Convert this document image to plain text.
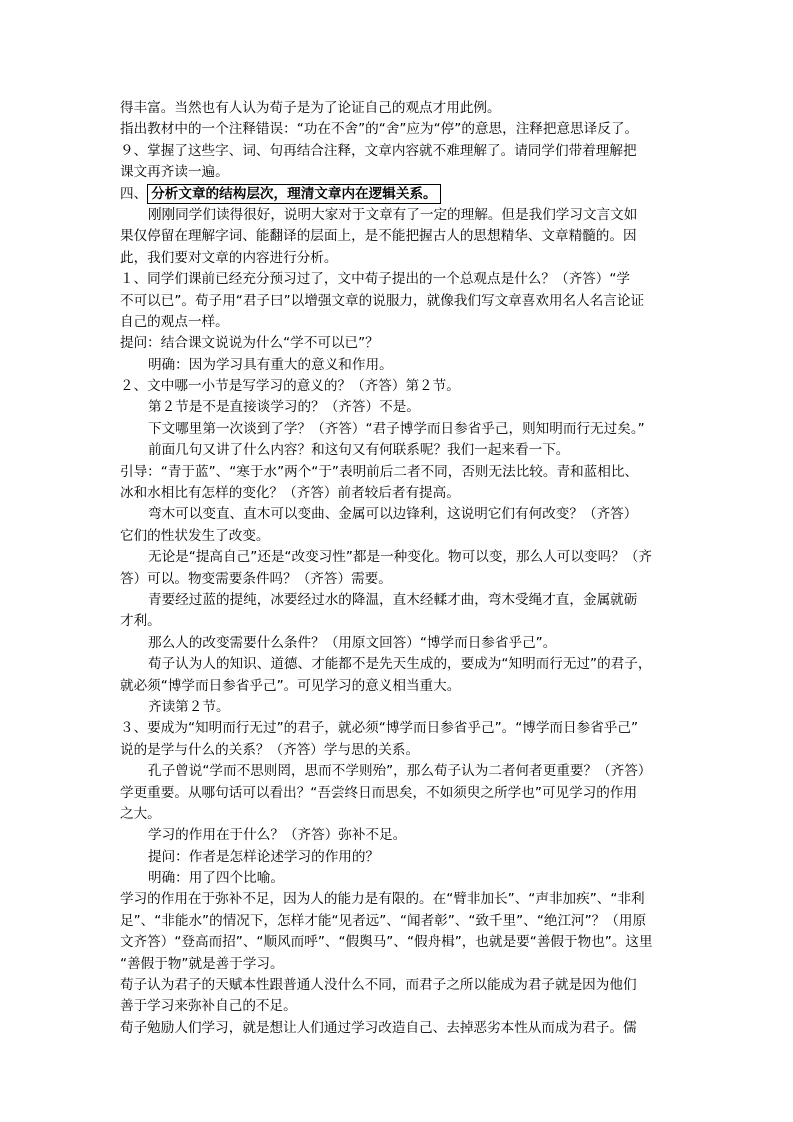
得丰富。当然也有人认为荀子是为了论证自己的观点才用此例。
指出教材中的一个注释错误：“功在不舍”的“舍”应为“停”的意思，注释把意思译反了。
９、掌握了这些字、词、句再结合注释，文章内容就不难理解了。请同学们带着理解把
课文再齐读一遍。
四、 分析文章的结构层次，理清文章内在逻辑关系。
刚刚同学们读得很好，说明大家对于文章有了一定的理解。但是我们学习文言文如
果仅停留在理解字词、能翻译的层面上，是不能把握古人的思想精华、文章精髓的。因
此，我们要对文章的内容进行分析。
１、同学们课前已经充分预习过了，文中荀子提出的一个总观点是什么？（齐答）“学
不可以已”。荀子用“君子曰”以增强文章的说服力，就像我们写文章喜欢用名人名言论证
自己的观点一样。
提问：结合课文说说为什么“学不可以已”？
明确：因为学习具有重大的意义和作用。
２、文中哪一小节是写学习的意义的？（齐答）第２节。
第２节是不是直接谈学习的？（齐答）不是。
下文哪里第一次谈到了学？（齐答）“君子博学而日参省乎己，则知明而行无过矣。”
前面几句又讲了什么内容？和这句又有何联系呢？我们一起来看一下。
引导：“青于蓝”、“寒于水”两个“于”表明前后二者不同，否则无法比较。青和蓝相比、
冰和水相比有怎样的变化？（齐答）前者较后者有提高。
弯木可以变直、直木可以变曲、金属可以边锋利，这说明它们有何改变？（齐答）
它们的性状发生了改变。
无论是“提高自己”还是“改变习性”都是一种变化。物可以变，那么人可以变吗？（齐
答）可以。物变需要条件吗？（齐答）需要。
青要经过蓝的提纯，冰要经过水的降温，直木经輮才曲，弯木受绳才直，金属就砺
才利。
那么人的改变需要什么条件？（用原文回答）“博学而日参省乎己”。
荀子认为人的知识、道德、才能都不是先天生成的，要成为“知明而行无过”的君子，
就必须“博学而日参省乎己”。可见学习的意义相当重大。
齐读第２节。
３、要成为“知明而行无过”的君子，就必须“博学而日参省乎己”。“博学而日参省乎己”
说的是学与什么的关系？（齐答）学与思的关系。
孔子曾说“学而不思则罔，思而不学则殆”，那么荀子认为二者何者更重要？（齐答）
学更重要。从哪句话可以看出？“吾尝终日而思矣，不如须臾之所学也”可见学习的作用
之大。
学习的作用在于什么？（齐答）弥补不足。
提问：作者是怎样论述学习的作用的？
明确：用了四个比喻。
学习的作用在于弥补不足，因为人的能力是有限的。在“臂非加长”、“声非加疾”、“非利
足”、“非能水”的情况下，怎样才能“见者远”、“闻者彰”、“致千里”、“绝江河”？（用原
文齐答）“登高而招”、“顺风而呼”、“假舆马”、“假舟楫”，也就是要“善假于物也”。这里
“善假于物”就是善于学习。
荀子认为君子的天赋本性跟普通人没什么不同，而君子之所以能成为君子就是因为他们
善于学习来弥补自己的不足。
荀子勉励人们学习，就是想让人们通过学习改造自己、去掉恶劣本性从而成为君子。儒
